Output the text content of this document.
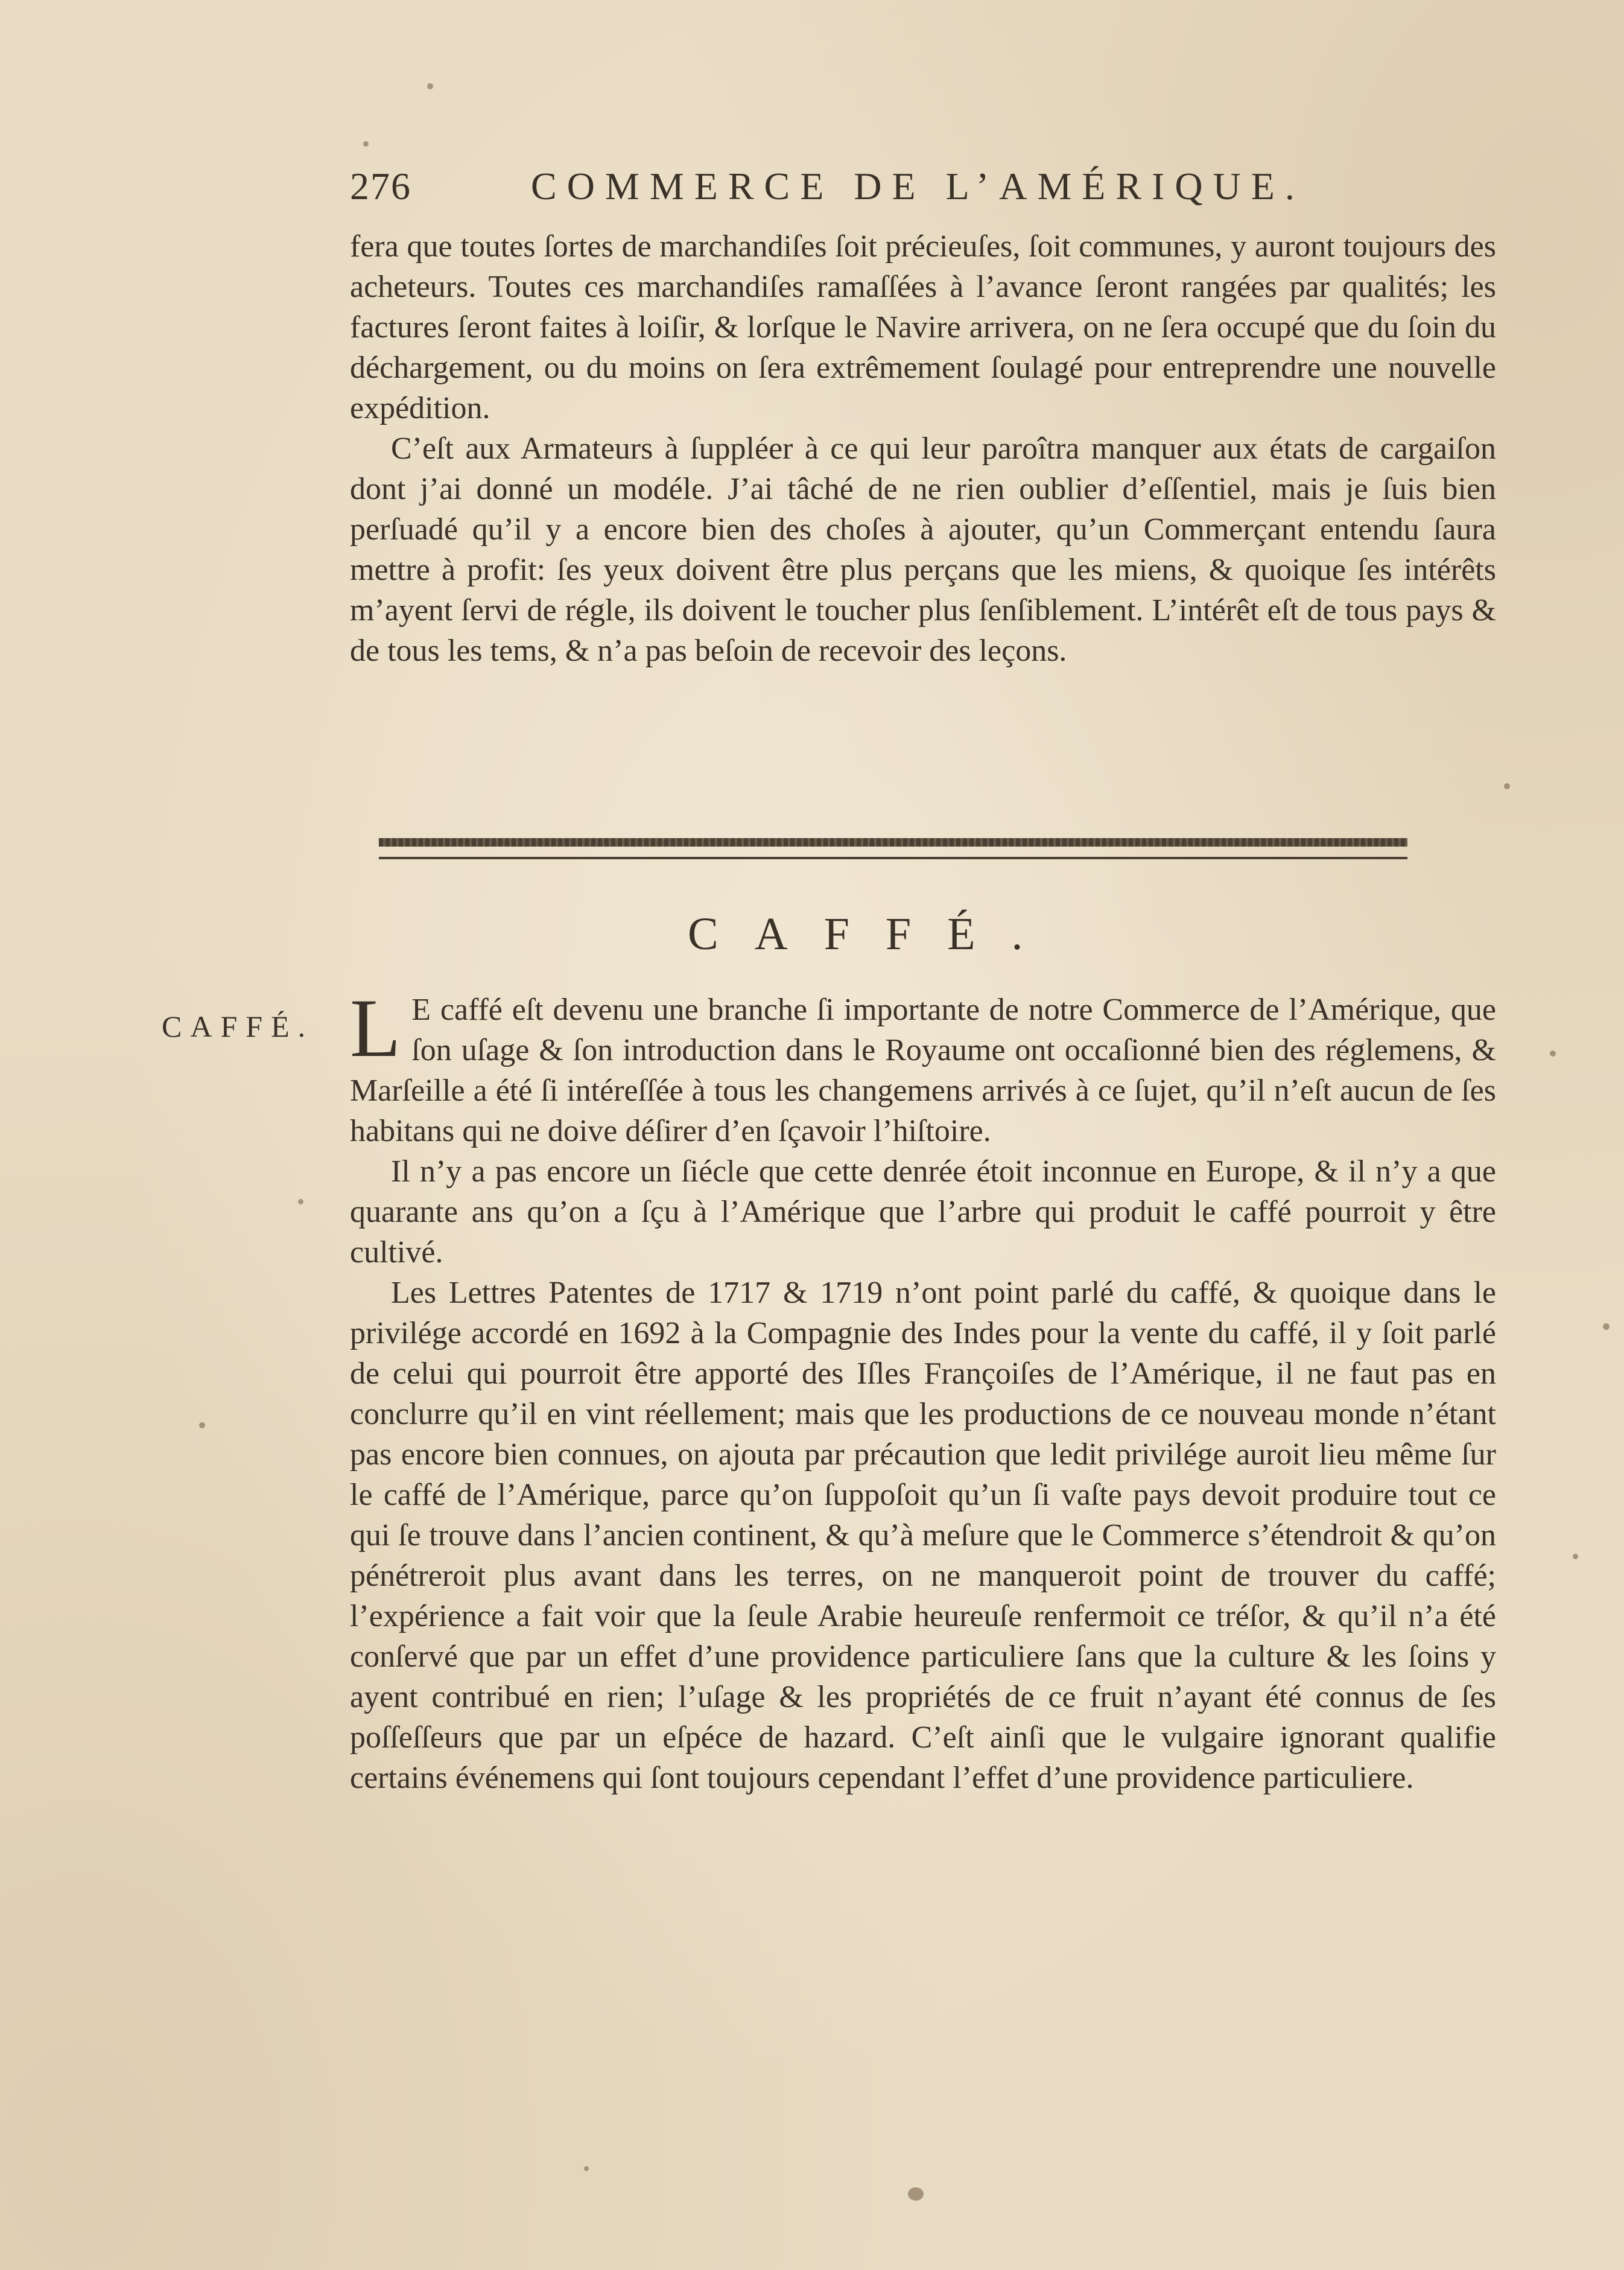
276	COMMERCE DE L’AMÉRIQUE.

fera que toutes ſortes de marchandiſes ſoit précieuſes, ſoit communes, y auront toujours des acheteurs. Toutes ces marchandiſes ramaſſées à l’avance ſeront rangées par qualités; les factures ſeront faites à loiſir, & lorſque le Navire arrivera, on ne ſera occupé que du ſoin du déchargement, ou du moins on ſera extrêmement ſoulagé pour entreprendre une nouvelle expédition.

C’eſt aux Armateurs à ſuppléer à ce qui leur paroîtra manquer aux états de cargaiſon dont j’ai donné un modéle. J’ai tâché de ne rien oublier d’eſſentiel, mais je ſuis bien perſuadé qu’il y a encore bien des choſes à ajouter, qu’un Commerçant entendu ſaura mettre à profit: ſes yeux doivent être plus perçans que les miens, & quoique ſes intérêts m’ayent ſervi de régle, ils doivent le toucher plus ſenſiblement. L’intérêt eſt de tous pays & de tous les tems, & n’a pas beſoin de recevoir des leçons.

CAFFÉ.
CAFFÉ. L E caffé eſt devenu une branche ſi importante de notre Commerce de l’Amérique, que ſon uſage & ſon introduction dans le Royaume ont occaſionné bien des réglemens, & Marſeille a été ſi intéreſſée à tous les changemens arrivés à ce ſujet, qu’il n’eſt aucun de ſes habitans qui ne doive déſirer d’en ſçavoir l’hiſtoire.

Il n’y a pas encore un ſiécle que cette denrée étoit inconnue en Europe, & il n’y a que quarante ans qu’on a ſçu à l’Amérique que l’arbre qui produit le caffé pourroit y être cultivé.

Les Lettres Patentes de 1717 & 1719 n’ont point parlé du caffé, & quoique dans le privilége accordé en 1692 à la Compagnie des Indes pour la vente du caffé, il y ſoit parlé de celui qui pourroit être apporté des Iſles Françoiſes de l’Amérique, il ne faut pas en conclurre qu’il en vint réellement; mais que les productions de ce nouveau monde n’étant pas encore bien connues, on ajouta par précaution que ledit privilége auroit lieu même ſur le caffé de l’Amérique, parce qu’on ſuppoſoit qu’un ſi vaſte pays devoit produire tout ce qui ſe trouve dans l’ancien continent, & qu’à meſure que le Commerce s’étendroit & qu’on pénétreroit plus avant dans les terres, on ne manqueroit point de trouver du caffé; l’expérience a fait voir que la ſeule Arabie heureuſe renfermoit ce tréſor, & qu’il n’a été conſervé que par un effet d’une providence particuliere ſans que la culture & les ſoins y ayent contribué en rien; l’uſage & les propriétés de ce fruit n’ayant été connus de ſes poſſeſſeurs que par un eſpéce de hazard. C’eſt ainſi que le vulgaire ignorant qualifie certains événemens qui ſont toujours cependant l’effet d’une providence particuliere.
